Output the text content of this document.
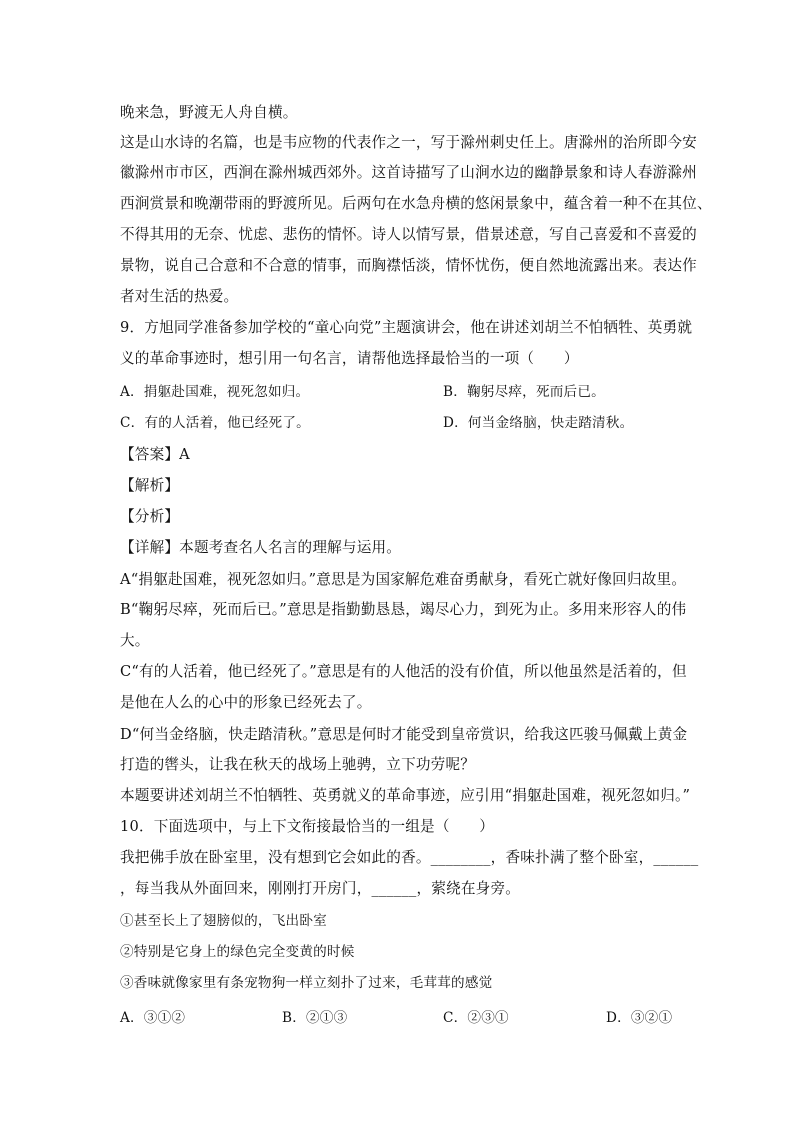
晚来急，野渡无人舟自横。
这是山水诗的名篇，也是韦应物的代表作之一，写于滁州刺史任上。唐滁州的治所即今安
徽滁州市市区，西涧在滁州城西郊外。这首诗描写了山涧水边的幽静景象和诗人春游滁州
西涧赏景和晚潮带雨的野渡所见。后两句在水急舟横的悠闲景象中，蕴含着一种不在其位、
不得其用的无奈、忧虑、悲伤的情怀。诗人以情写景，借景述意，写自己喜爱和不喜爱的
景物，说自己合意和不合意的情事，而胸襟恬淡，情怀忧伤，便自然地流露出来。表达作
者对生活的热爱。
9．方旭同学准备参加学校的“童心向党”主题演讲会，他在讲述刘胡兰不怕牺牲、英勇就
义的革命事迹时，想引用一句名言，请帮他选择最恰当的一项（　　）
A．捐躯赴国难，视死忽如归。	B．鞠躬尽瘁，死而后已。
C．有的人活着，他已经死了。	D．何当金络脑，快走踏清秋。
【答案】A
【解析】
【分析】
【详解】本题考查名人名言的理解与运用。
A“捐躯赴国难，视死忽如归。”意思是为国家解危难奋勇献身，看死亡就好像回归故里。
B“鞠躬尽瘁，死而后已。”意思是指勤勤恳恳，竭尽心力，到死为止。多用来形容人的伟
大。
C“有的人活着，他已经死了。”意思是有的人他活的没有价值，所以他虽然是活着的，但
是他在人么的心中的形象已经死去了。
D“何当金络脑，快走踏清秋。”意思是何时才能受到皇帝赏识，给我这匹骏马佩戴上黄金
打造的辔头，让我在秋天的战场上驰骋，立下功劳呢？
本题要讲述刘胡兰不怕牺牲、英勇就义的革命事迹，应引用“捐躯赴国难，视死忽如归。”
10．下面选项中，与上下文衔接最恰当的一组是（　　）
我把佛手放在卧室里，没有想到它会如此的香。________，香味扑满了整个卧室，______
，每当我从外面回来，刚刚打开房门，______，萦绕在身旁。
①甚至长上了翅膀似的，飞出卧室
②特别是它身上的绿色完全变黄的时候
③香味就像家里有条宠物狗一样立刻扑了过来，毛茸茸的感觉
A．③①②	B．②①③	C．②③①	D．③②①
